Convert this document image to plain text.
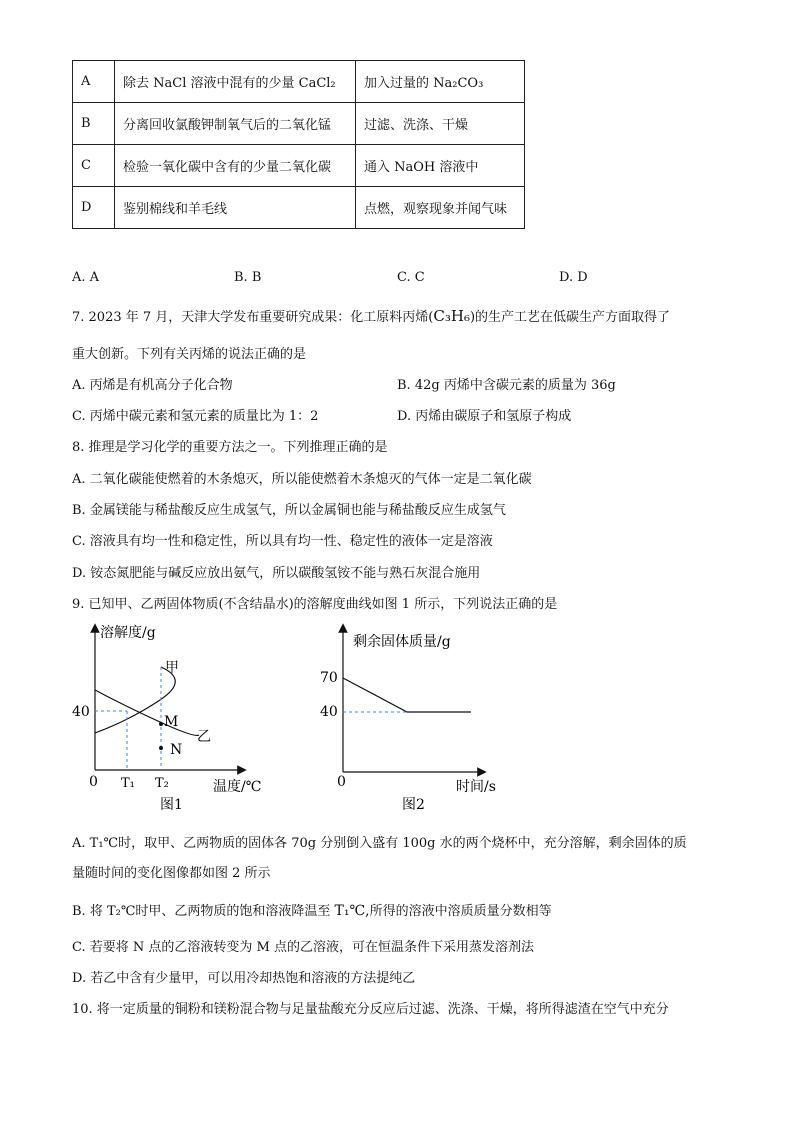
A	除去 NaCl 溶液中混有的少量 CaCl₂	加入过量的 Na₂CO₃
B	分离回收氯酸钾制氧气后的二氧化锰	过滤、洗涤、干燥
C	检验一氧化碳中含有的少量二氧化碳	通入 NaOH 溶液中
D	鉴别棉线和羊毛线	点燃，观察现象并闻气味
A. A	B. B	C. C	D. D
7. 2023 年 7 月，天津大学发布重要研究成果：化工原料丙烯(C₃H₆)的生产工艺在低碳生产方面取得了
重大创新。下列有关丙烯的说法正确的是
A. 丙烯是有机高分子化合物	B. 42g 丙烯中含碳元素的质量为 36g
C. 丙烯中碳元素和氢元素的质量比为 1：2	D. 丙烯由碳原子和氢原子构成
8. 推理是学习化学的重要方法之一。下列推理正确的是
A. 二氧化碳能使燃着的木条熄灭，所以能使燃着木条熄灭的气体一定是二氧化碳
B. 金属镁能与稀盐酸反应生成氢气，所以金属铜也能与稀盐酸反应生成氢气
C. 溶液具有均一性和稳定性，所以具有均一性、稳定性的液体一定是溶液
D. 铵态氮肥能与碱反应放出氨气，所以碳酸氢铵不能与熟石灰混合施用
9. 已知甲、乙两固体物质(不含结晶水)的溶解度曲线如图 1 所示，下列说法正确的是
溶解度/g
甲
40
M
乙
N
0 T₁ T₂	温度/℃
图1
剩余固体质量/g
70
40
0	时间/s
图2
A. T₁℃时，取甲、乙两物质的固体各 70g 分别倒入盛有 100g 水的两个烧杯中，充分溶解，剩余固体的质
量随时间的变化图像都如图 2 所示
B. 将 T₂℃时甲、乙两物质的饱和溶液降温至 T₁℃,所得的溶液中溶质质量分数相等
C. 若要将 N 点的乙溶液转变为 M 点的乙溶液，可在恒温条件下采用蒸发溶剂法
D. 若乙中含有少量甲，可以用冷却热饱和溶液的方法提纯乙
10. 将一定质量的铜粉和镁粉混合物与足量盐酸充分反应后过滤、洗涤、干燥，将所得滤渣在空气中充分
